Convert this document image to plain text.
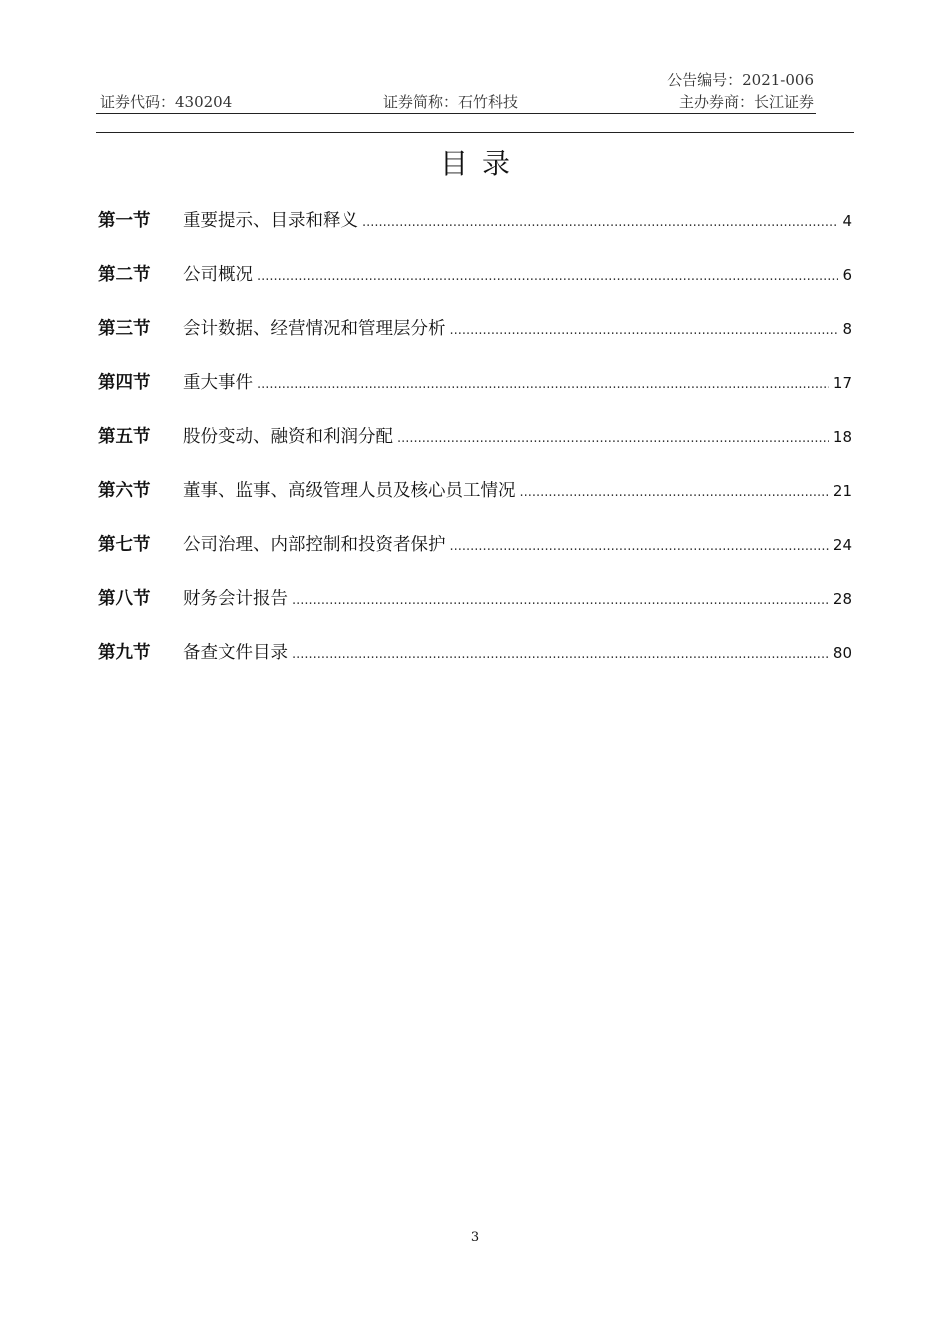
公告编号：2021-006
证券代码：430204	证券简称：石竹科技	主办券商：长江证券
目录
第一节	重要提示、目录和释义 .....	4
第二节	公司概况 .....	6
第三节	会计数据、经营情况和管理层分析 .....	8
第四节	重大事件 .....	17
第五节	股份变动、融资和利润分配 .....	18
第六节	董事、监事、高级管理人员及核心员工情况 .....	21
第七节	公司治理、内部控制和投资者保护 .....	24
第八节	财务会计报告 .....	28
第九节	备查文件目录 .....	80
3
